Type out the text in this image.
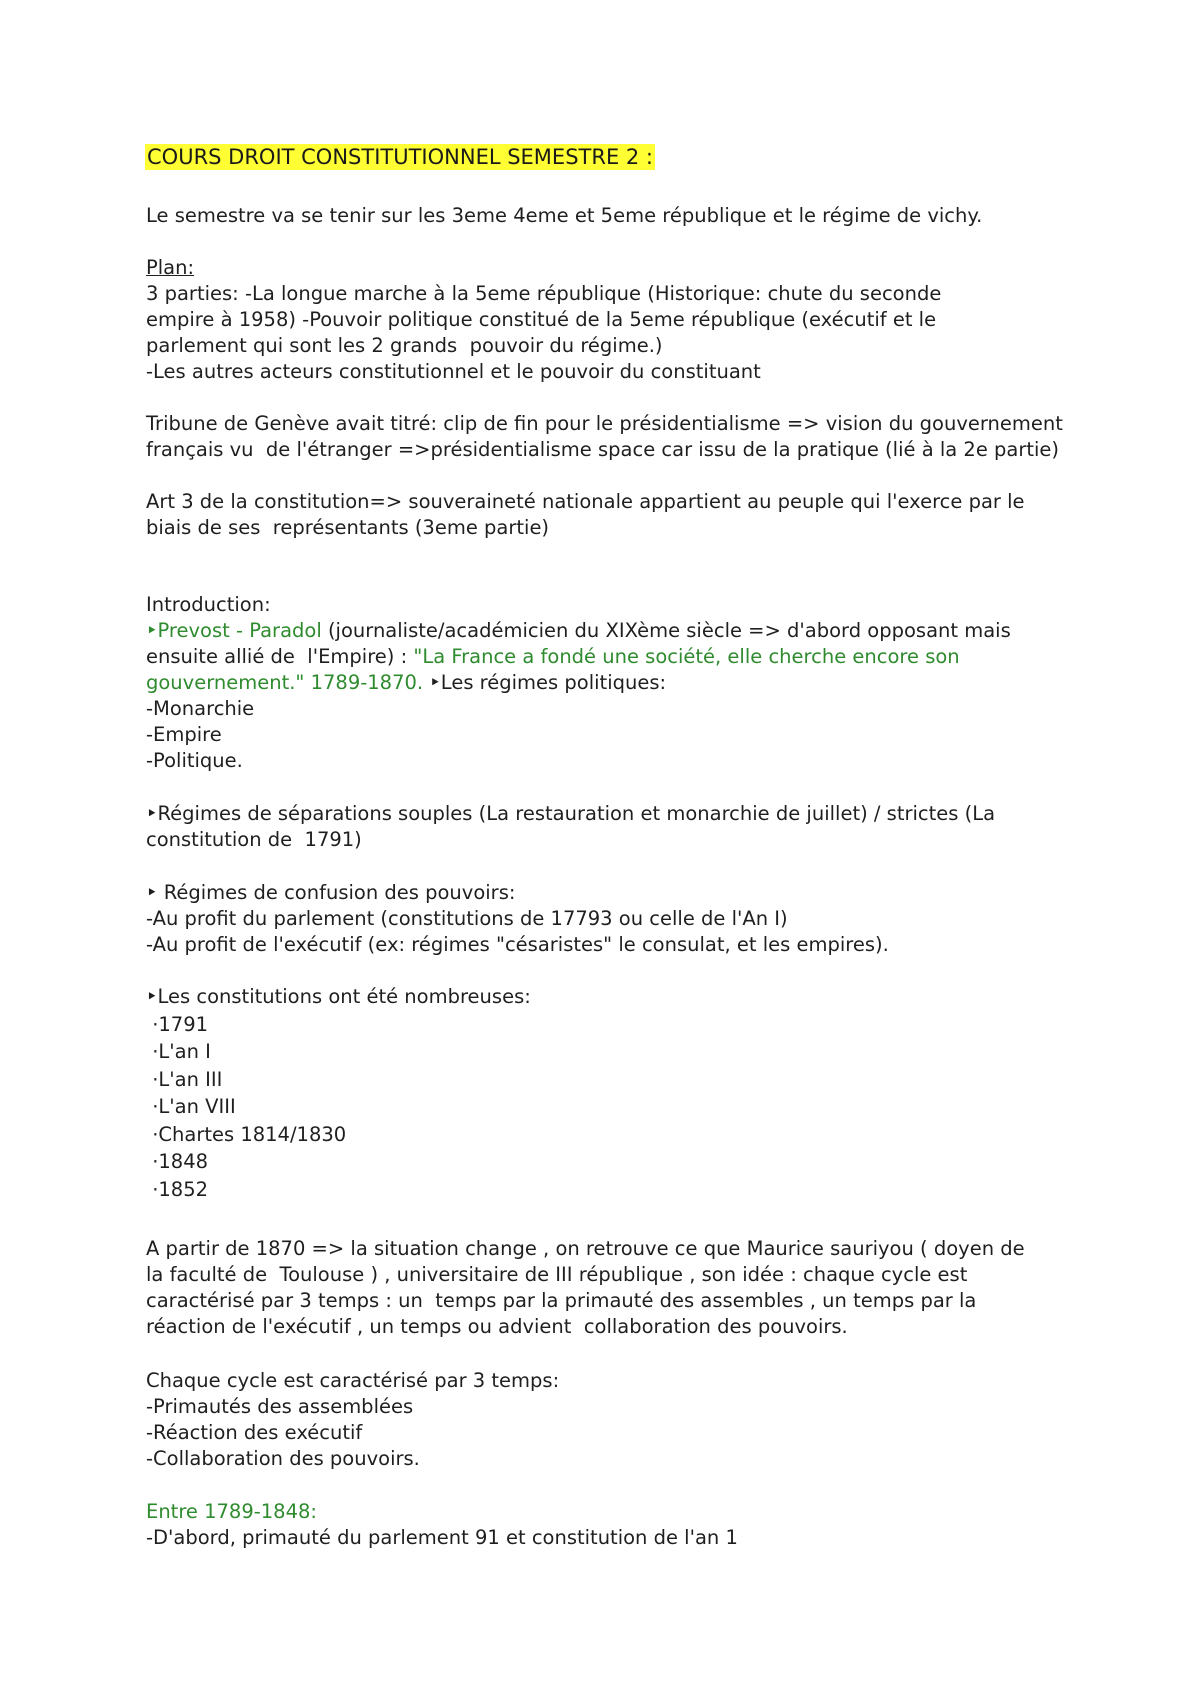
COURS DROIT CONSTITUTIONNEL SEMESTRE 2 :
Le semestre va se tenir sur les 3eme 4eme et 5eme république et le régime de vichy.
Plan:
3 parties: -La longue marche à la 5eme république (Historique: chute du seconde
empire à 1958) -Pouvoir politique constitué de la 5eme république (exécutif et le
parlement qui sont les 2 grands  pouvoir du régime.)
-Les autres acteurs constitutionnel et le pouvoir du constituant
Tribune de Genève avait titré: clip de fin pour le présidentialisme => vision du gouvernement
français vu  de l'étranger =>présidentialisme space car issu de la pratique (lié à la 2e partie)
Art 3 de la constitution=> souveraineté nationale appartient au peuple qui l'exerce par le
biais de ses  représentants (3eme partie)
Introduction:
‣Prevost - Paradol (journaliste/académicien du XIXème siècle => d'abord opposant mais
ensuite allié de  l'Empire) : "La France a fondé une société, elle cherche encore son
gouvernement." 1789-1870. ‣Les régimes politiques:
-Monarchie
-Empire
-Politique.
‣Régimes de séparations souples (La restauration et monarchie de juillet) / strictes (La
constitution de  1791)
‣ Régimes de confusion des pouvoirs:
-Au profit du parlement (constitutions de 17793 ou celle de l'An I)
-Au profit de l'exécutif (ex: régimes "césaristes" le consulat, et les empires).
‣Les constitutions ont été nombreuses:
·1791
·L'an I
·L'an III
·L'an VIII
·Chartes 1814/1830
·1848
·1852
A partir de 1870 => la situation change , on retrouve ce que Maurice sauriyou ( doyen de
la faculté de  Toulouse ) , universitaire de III république , son idée : chaque cycle est
caractérisé par 3 temps : un  temps par la primauté des assembles , un temps par la
réaction de l'exécutif , un temps ou advient  collaboration des pouvoirs.
Chaque cycle est caractérisé par 3 temps:
-Primautés des assemblées
-Réaction des exécutif
-Collaboration des pouvoirs.
Entre 1789-1848:
-D'abord, primauté du parlement 91 et constitution de l'an 1
